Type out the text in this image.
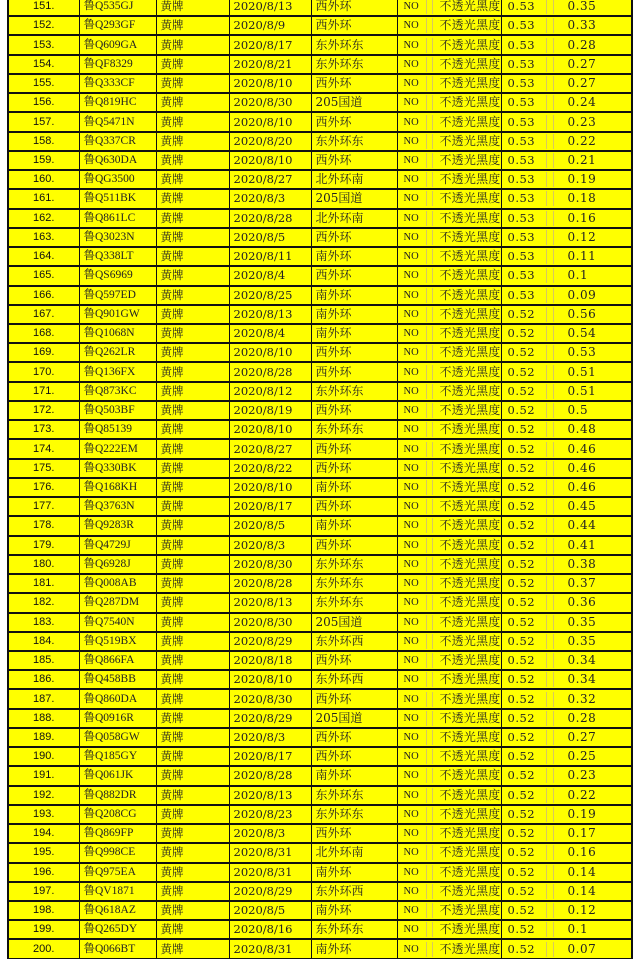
151.	鲁Q535GJ	黄牌	2020/8/13	西外环	NO 不透光黑度	0.53 0.35

152.	鲁Q293GF	黄牌	2020/8/9	西外环	NO 不透光黑度	0.53 0.33

153.	鲁Q609GA	黄牌	2020/8/17	东外环东	NO 不透光黑度	0.53 0.28

154.	鲁QF8329	黄牌	2020/8/21	东外环东	NO 不透光黑度	0.53 0.27

155.	鲁Q333CF	黄牌	2020/8/10	西外环	NO 不透光黑度	0.53 0.27

156.	鲁Q819HC	黄牌	2020/8/30	205国道	NO 不透光黑度	0.53 0.24

157.	鲁Q5471N	黄牌	2020/8/10	西外环	NO 不透光黑度	0.53 0.23

158.	鲁Q337CR	黄牌	2020/8/20	东外环东	NO 不透光黑度	0.53 0.22

159.	鲁Q630DA	黄牌	2020/8/10	西外环	NO 不透光黑度	0.53 0.21

160.	鲁QG3500	黄牌	2020/8/27	北外环南	NO 不透光黑度	0.53 0.19

161.	鲁Q511BK	黄牌	2020/8/3	205国道	NO 不透光黑度	0.53 0.18

162.	鲁Q861LC	黄牌	2020/8/28	北外环南	NO 不透光黑度	0.53 0.16

163.	鲁Q3023N	黄牌	2020/8/5	西外环	NO 不透光黑度	0.53 0.12

164.	鲁Q338LT	黄牌	2020/8/11	南外环	NO 不透光黑度	0.53 0.11

165.	鲁QS6969	黄牌	2020/8/4	西外环	NO 不透光黑度	0.53 0.1

166.	鲁Q597ED	黄牌	2020/8/25	南外环	NO 不透光黑度	0.53 0.09

167.	鲁Q901GW	黄牌	2020/8/13	南外环	NO 不透光黑度	0.52 0.56

168.	鲁Q1068N	黄牌	2020/8/4	南外环	NO 不透光黑度	0.52 0.54

169.	鲁Q262LR	黄牌	2020/8/10	西外环	NO 不透光黑度	0.52 0.53

170.	鲁Q136FX	黄牌	2020/8/28	西外环	NO 不透光黑度	0.52 0.51

171.	鲁Q873KC	黄牌	2020/8/12	东外环东	NO 不透光黑度	0.52 0.51

172.	鲁Q503BF	黄牌	2020/8/19	西外环	NO 不透光黑度	0.52 0.5

173.	鲁Q85139	黄牌	2020/8/10	东外环东	NO 不透光黑度	0.52 0.48

174.	鲁Q222EM	黄牌	2020/8/27	西外环	NO 不透光黑度	0.52 0.46

175.	鲁Q330BK	黄牌	2020/8/22	西外环	NO 不透光黑度	0.52 0.46

176.	鲁Q168KH	黄牌	2020/8/10	南外环	NO 不透光黑度	0.52 0.46

177.	鲁Q3763N	黄牌	2020/8/17	西外环	NO 不透光黑度	0.52 0.45

178.	鲁Q9283R	黄牌	2020/8/5	南外环	NO 不透光黑度	0.52 0.44

179.	鲁Q4729J	黄牌	2020/8/3	西外环	NO 不透光黑度	0.52 0.41

180.	鲁Q6928J	黄牌	2020/8/30	东外环东	NO 不透光黑度	0.52 0.38

181.	鲁Q008AB	黄牌	2020/8/28	东外环东	NO 不透光黑度	0.52 0.37

182.	鲁Q287DM	黄牌	2020/8/13	东外环东	NO 不透光黑度	0.52 0.36

183.	鲁Q7540N	黄牌	2020/8/30	205国道	NO 不透光黑度	0.52 0.35

184.	鲁Q519BX	黄牌	2020/8/29	东外环西	NO 不透光黑度	0.52 0.35

185.	鲁Q866FA	黄牌	2020/8/18	西外环	NO 不透光黑度	0.52 0.34

186.	鲁Q458BB	黄牌	2020/8/10	东外环西	NO 不透光黑度	0.52 0.34

187.	鲁Q860DA	黄牌	2020/8/30	西外环	NO 不透光黑度	0.52 0.32

188.	鲁Q0916R	黄牌	2020/8/29	205国道	NO 不透光黑度	0.52 0.28

189.	鲁Q058GW	黄牌	2020/8/3	西外环	NO 不透光黑度	0.52 0.27

190.	鲁Q185GY	黄牌	2020/8/17	西外环	NO 不透光黑度	0.52 0.25

191.	鲁Q061JK	黄牌	2020/8/28	南外环	NO 不透光黑度	0.52 0.23

192.	鲁Q882DR	黄牌	2020/8/13	东外环东	NO 不透光黑度	0.52 0.22

193.	鲁Q208CG	黄牌	2020/8/23	东外环东	NO 不透光黑度	0.52 0.19

194.	鲁Q869FP	黄牌	2020/8/3	西外环	NO 不透光黑度	0.52 0.17

195.	鲁Q998CE	黄牌	2020/8/31	北外环南	NO 不透光黑度	0.52 0.16

196.	鲁Q975EA	黄牌	2020/8/31	南外环	NO 不透光黑度	0.52 0.14

197.	鲁QV1871	黄牌	2020/8/29	东外环西	NO 不透光黑度	0.52 0.14

198.	鲁Q618AZ	黄牌	2020/8/5	南外环	NO 不透光黑度	0.52 0.12

199.	鲁Q265DY	黄牌	2020/8/16	东外环东	NO 不透光黑度	0.52 0.1

200.	鲁Q066BT	黄牌	2020/8/31	南外环	NO 不透光黑度	0.52 0.07
